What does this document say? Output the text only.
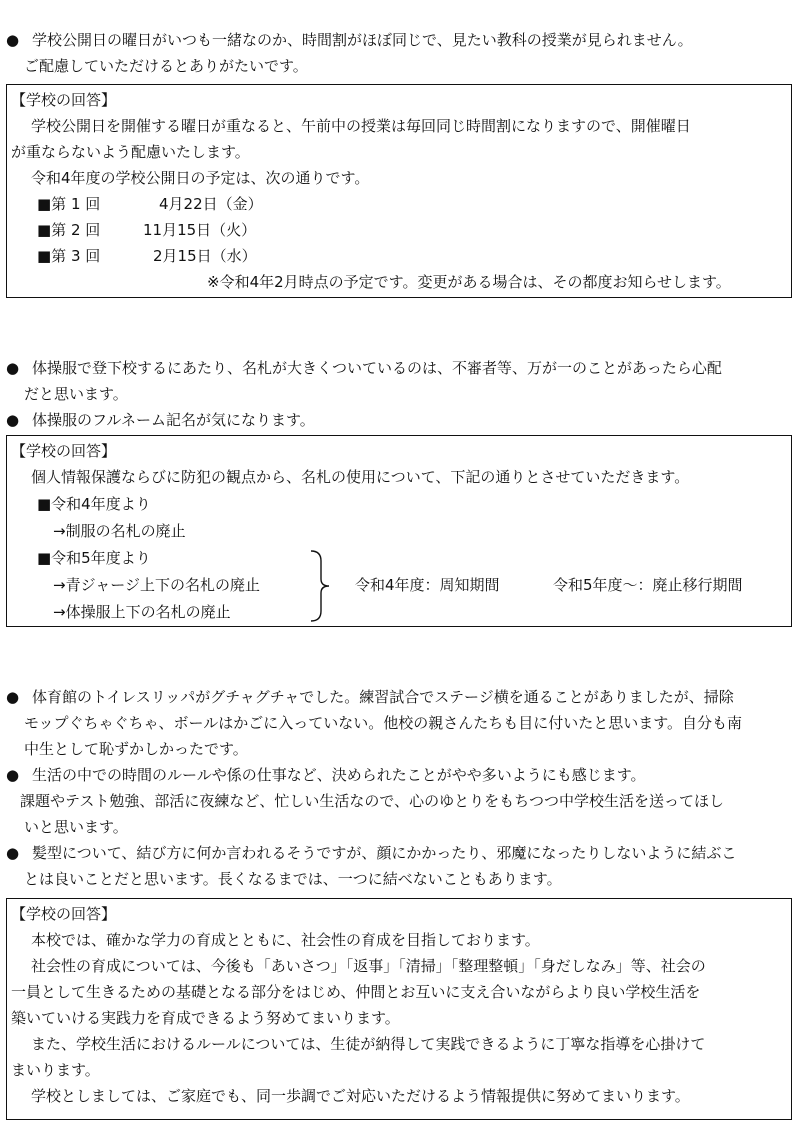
● 学校公開日の曜日がいつも一緒なのか、時間割がほぼ同じで、見たい教科の授業が見られません。
ご配慮していただけるとありがたいです。
【学校の回答】
学校公開日を開催する曜日が重なると、午前中の授業は毎回同じ時間割になりますので、開催曜日
が重ならないよう配慮いたします。
令和4年度の学校公開日の予定は、次の通りです。
■第 1 回	4月22日（金）
■第 2 回	11月15日（火）
■第 3 回	2月15日（水）
※令和4年2月時点の予定です。変更がある場合は、その都度お知らせします。
● 体操服で登下校するにあたり、名札が大きくついているのは、不審者等、万が一のことがあったら心配
だと思います。
● 体操服のフルネーム記名が気になります。
【学校の回答】
個人情報保護ならびに防犯の観点から、名札の使用について、下記の通りとさせていただきます。
■令和4年度より
→制服の名札の廃止
■令和5年度より
→青ジャージ上下の名札の廃止
→体操服上下の名札の廃止
令和4年度：周知期間	令和5年度～：廃止移行期間
● 体育館のトイレスリッパがグチャグチャでした。練習試合でステージ横を通ることがありましたが、掃除
モップぐちゃぐちゃ、ボールはかごに入っていない。他校の親さんたちも目に付いたと思います。自分も南
中生として恥ずかしかったです。
● 生活の中での時間のルールや係の仕事など、決められたことがやや多いようにも感じます。
課題やテスト勉強、部活に夜練など、忙しい生活なので、心のゆとりをもちつつ中学校生活を送ってほし
いと思います。
● 髪型について、結び方に何か言われるそうですが、顔にかかったり、邪魔になったりしないように結ぶこ
とは良いことだと思います。長くなるまでは、一つに結べないこともあります。
【学校の回答】
本校では、確かな学力の育成とともに、社会性の育成を目指しております。
社会性の育成については、今後も「あいさつ」「返事」「清掃」「整理整頓」「身だしなみ」等、社会の
一員として生きるための基礎となる部分をはじめ、仲間とお互いに支え合いながらより良い学校生活を
築いていける実践力を育成できるよう努めてまいります。
また、学校生活におけるルールについては、生徒が納得して実践できるように丁寧な指導を心掛けて
まいります。
学校としましては、ご家庭でも、同一歩調でご対応いただけるよう情報提供に努めてまいります。
